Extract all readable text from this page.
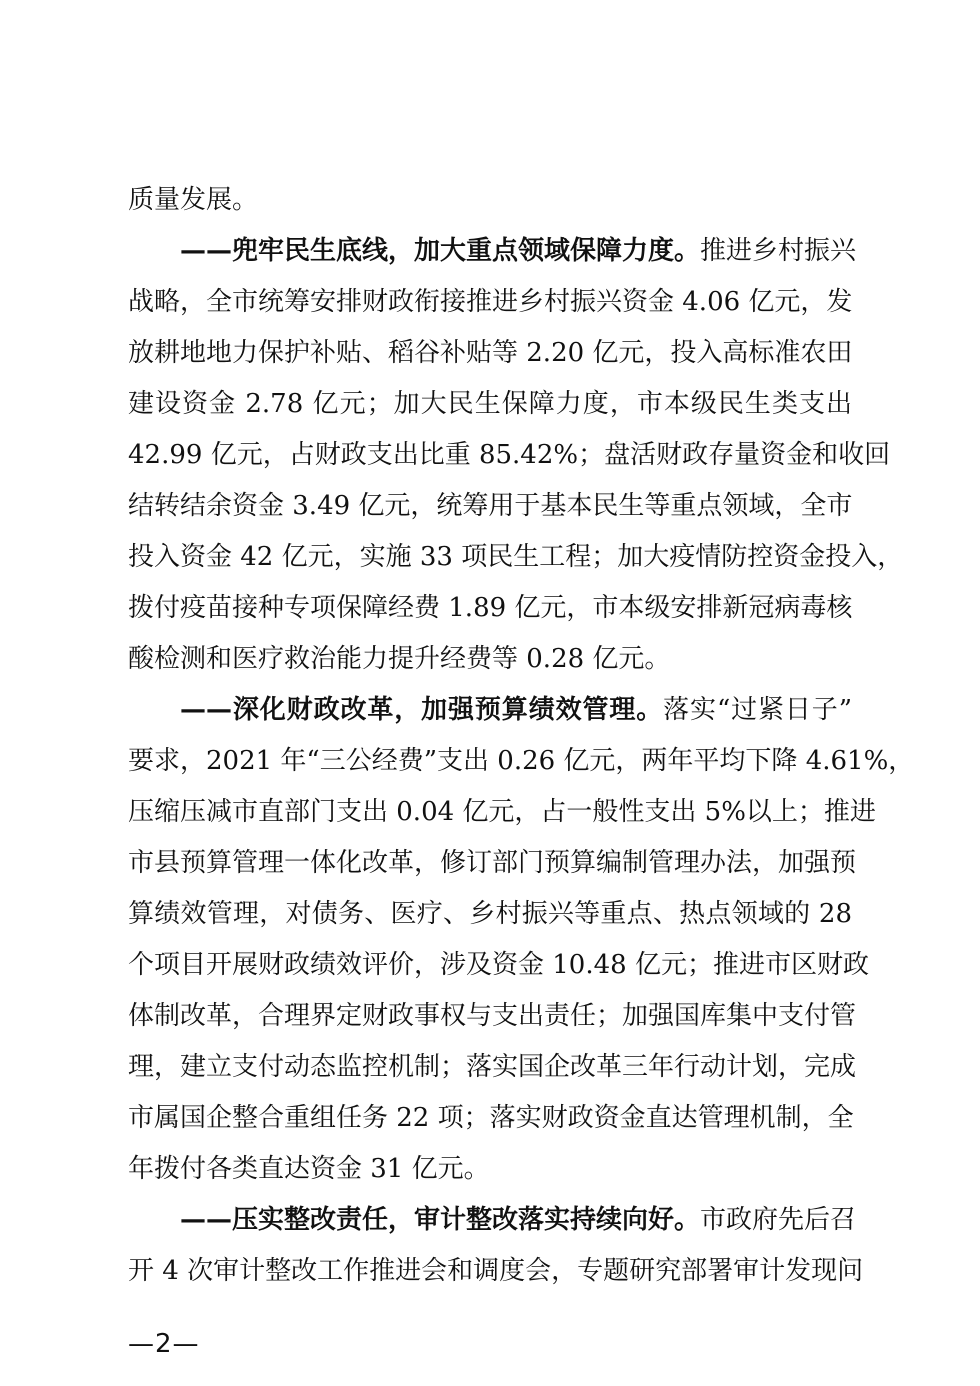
质量发展。
——兜牢民生底线，加大重点领域保障力度。推进乡村振兴
战略，全市统筹安排财政衔接推进乡村振兴资金 4.06 亿元，发
放耕地地力保护补贴、稻谷补贴等 2.20 亿元，投入高标准农田
建设资金 2.78 亿元；加大民生保障力度，市本级民生类支出
42.99 亿元，占财政支出比重 85.42%；盘活财政存量资金和收回
结转结余资金 3.49 亿元，统筹用于基本民生等重点领域，全市
投入资金 42 亿元，实施 33 项民生工程；加大疫情防控资金投入，
拨付疫苗接种专项保障经费 1.89 亿元，市本级安排新冠病毒核
酸检测和医疗救治能力提升经费等 0.28 亿元。
——深化财政改革，加强预算绩效管理。落实“过紧日子”
要求，2021 年“三公经费”支出 0.26 亿元，两年平均下降 4.61%，
压缩压减市直部门支出 0.04 亿元，占一般性支出 5%以上；推进
市县预算管理一体化改革，修订部门预算编制管理办法，加强预
算绩效管理，对债务、医疗、乡村振兴等重点、热点领域的 28
个项目开展财政绩效评价，涉及资金 10.48 亿元；推进市区财政
体制改革，合理界定财政事权与支出责任；加强国库集中支付管
理，建立支付动态监控机制；落实国企改革三年行动计划，完成
市属国企整合重组任务 22 项；落实财政资金直达管理机制，全
年拨付各类直达资金 31 亿元。
——压实整改责任，审计整改落实持续向好。市政府先后召
开 4 次审计整改工作推进会和调度会，专题研究部署审计发现问
—2—
